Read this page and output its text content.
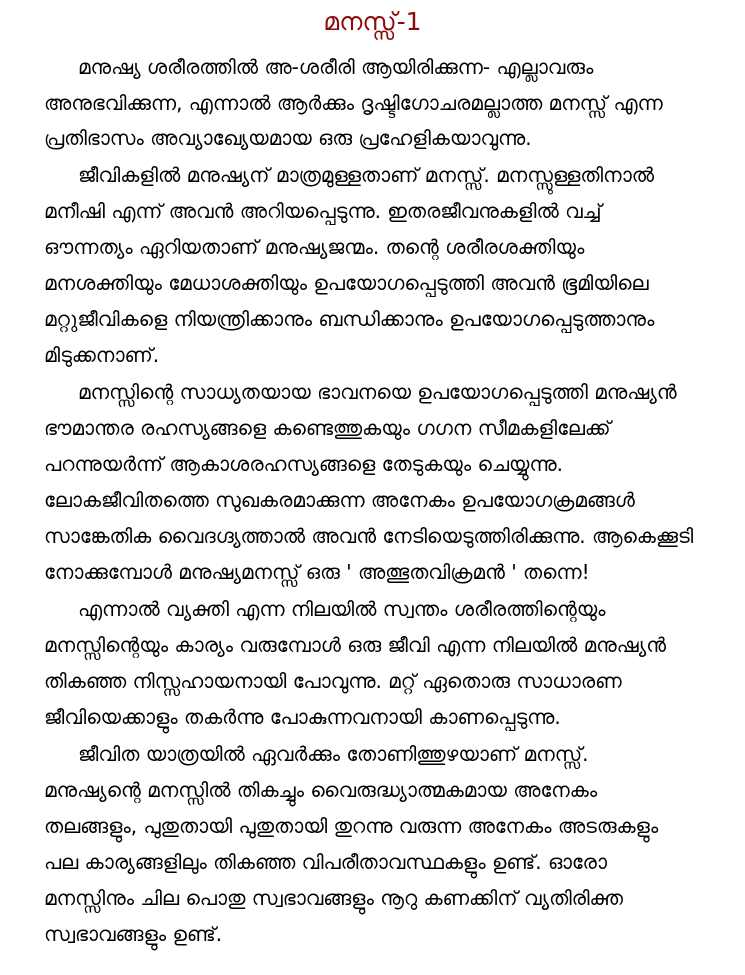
മനസ്സ്-1
മനുഷ്യ ശരീരത്തിൽ അ-ശരീരി ആയിരിക്കുന്ന- എല്ലാവരും
അനുഭവിക്കുന്ന, എന്നാൽ ആർക്കും ദൃഷ്ടിഗോചരമല്ലാത്ത മനസ്സ് എന്ന
പ്രതിഭാസം അവ്യാഖ്യേയമായ ഒരു പ്രഹേളികയാവുന്നു.
ജീവികളിൽ മനുഷ്യന് മാത്രമുള്ളതാണ് മനസ്സ്. മനസ്സുള്ളതിനാൽ
മനീഷി എന്ന് അവൻ അറിയപ്പെടുന്നു. ഇതരജീവനുകളിൽ വച്ച്
ഔന്നത്യം ഏറിയതാണ് മനുഷ്യജന്മം. തന്റെ ശരീരശക്തിയും
മനശക്തിയും മേധാശക്തിയും ഉപയോഗപ്പെടുത്തി അവൻ ഭൂമിയിലെ
മറ്റുജീവികളെ നിയന്ത്രിക്കാനും ബന്ധിക്കാനും ഉപയോഗപ്പെടുത്താനും
മിടുക്കനാണ്.
മനസ്സിന്റെ സാധ്യതയായ ഭാവനയെ ഉപയോഗപ്പെടുത്തി മനുഷ്യൻ
ഭൗമാന്തര രഹസ്യങ്ങളെ കണ്ടെത്തുകയും ഗഗന സീമകളിലേക്ക്
പറന്നുയർന്ന് ആകാശരഹസ്യങ്ങളെ തേടുകയും ചെയ്യുന്നു.
ലോകജീവിതത്തെ സുഖകരമാക്കുന്ന അനേകം ഉപയോഗക്രമങ്ങൾ
സാങ്കേതിക വൈദഗ്ദ്യത്താൽ അവൻ നേടിയെടുത്തിരിക്കുന്നു. ആകെക്കൂടി
നോക്കുമ്പോൾ മനുഷ്യമനസ്സ് ഒരു ' അത്ഭുതവിക്രമൻ ' തന്നെ!
എന്നാൽ വ്യക്തി എന്ന നിലയിൽ സ്വന്തം ശരീരത്തിന്റെയും
മനസ്സിന്റെയും കാര്യം വരുമ്പോൾ ഒരു ജീവി എന്ന നിലയിൽ മനുഷ്യൻ
തികഞ്ഞ നിസ്സഹായനായി പോവുന്നു. മറ്റ് ഏതൊരു സാധാരണ
ജീവിയെക്കാളും തകർന്നു പോകുന്നവനായി കാണപ്പെടുന്നു.
ജീവിത യാത്രയിൽ ഏവർക്കും തോണിത്തുഴയാണ് മനസ്സ്.
മനുഷ്യന്റെ മനസ്സിൽ തികച്ചും വൈരുദ്ധ്യാത്മകമായ അനേകം
തലങ്ങളും, പുതുതായി പുതുതായി തുറന്നു വരുന്ന അനേകം അടരുകളും
പല കാര്യങ്ങളിലും തികഞ്ഞ വിപരീതാവസ്ഥകളും ഉണ്ട്. ഓരോ
മനസ്സിനും ചില പൊതു സ്വഭാവങ്ങളും നൂറു കണക്കിന് വ്യതിരിക്ത
സ്വഭാവങ്ങളും ഉണ്ട്.
